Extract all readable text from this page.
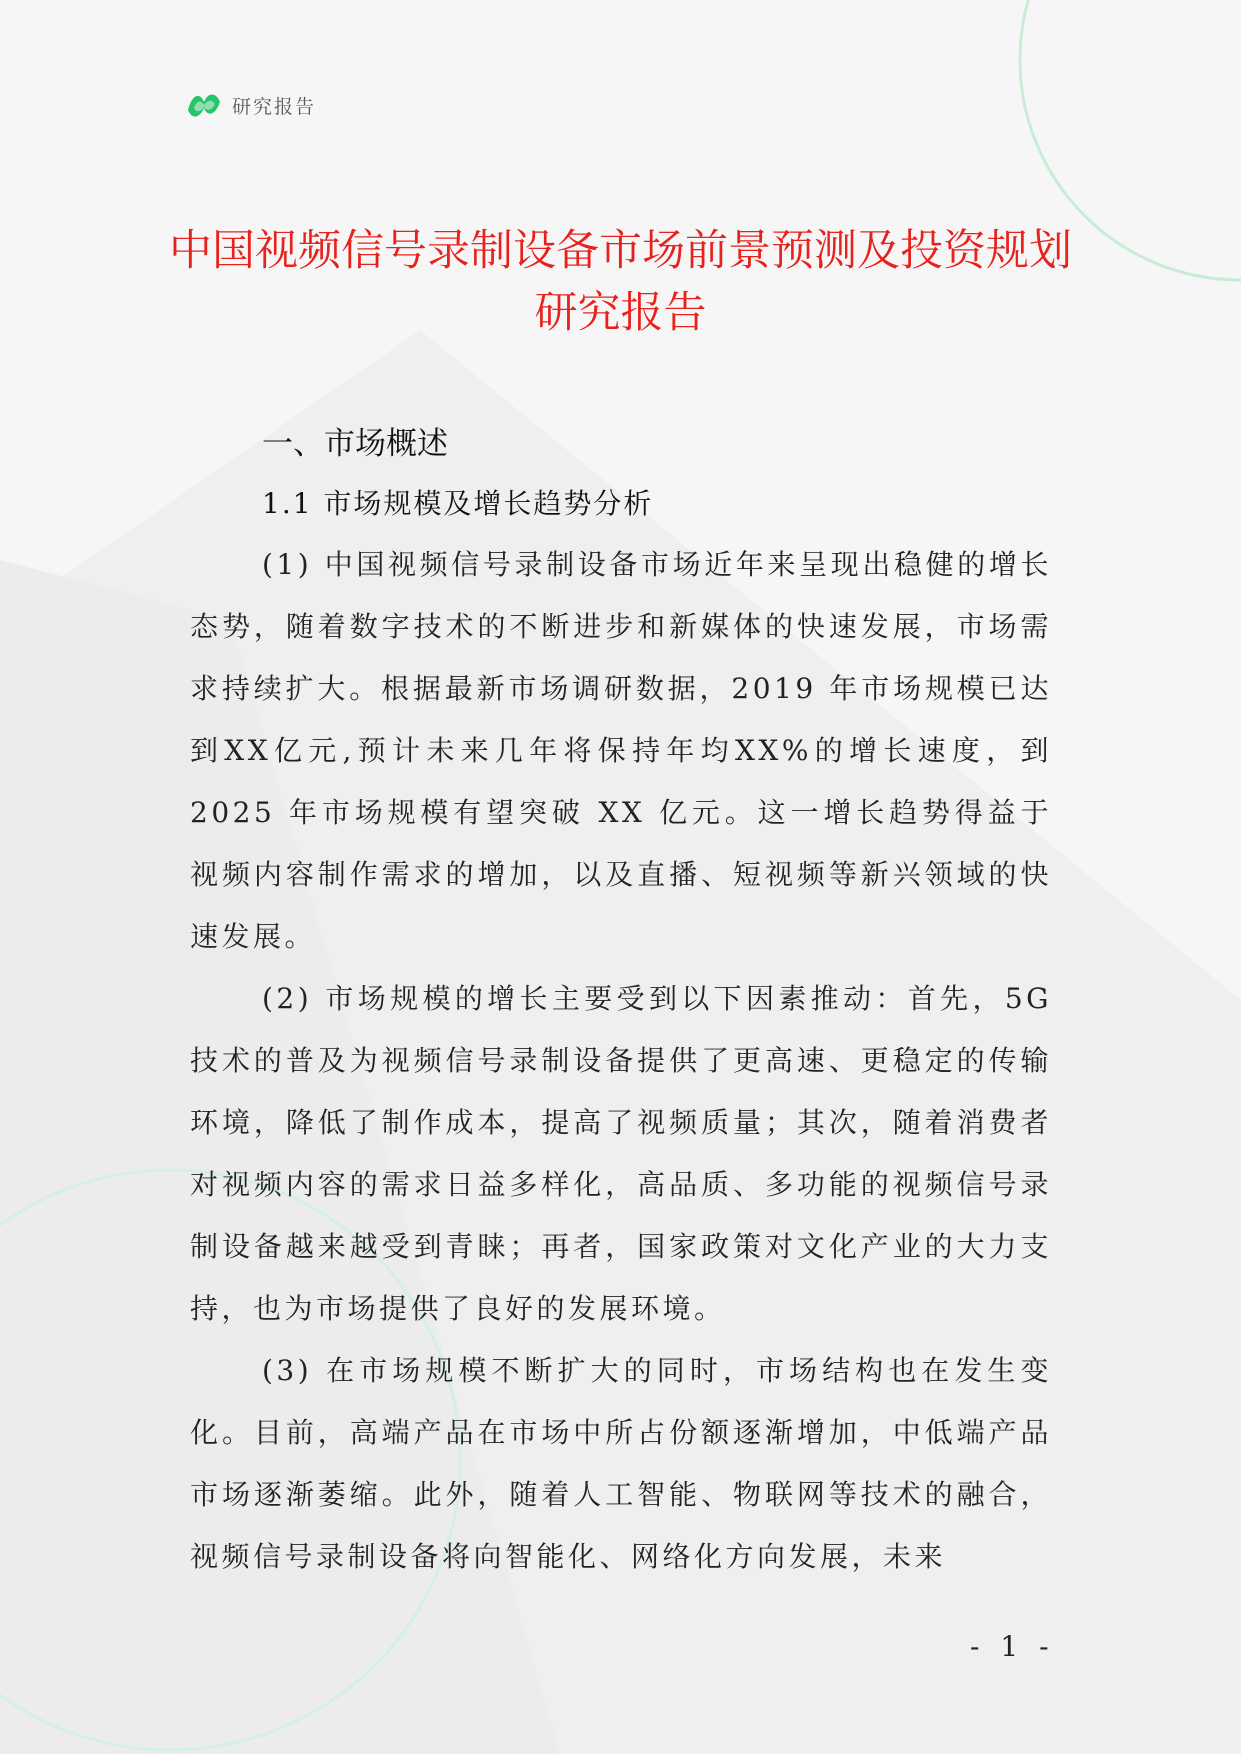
研究报告
中国视频信号录制设备市场前景预测及投资规划研究报告
一、市场概述
1.1 市场规模及增长趋势分析

(1) 中国视频信号录制设备市场近年来呈现出稳健的增长态势，随着数字技术的不断进步和新媒体的快速发展，市场需求持续扩大。根据最新市场调研数据，2019 年市场规模已达到XX亿元,预计未来几年将保持年均XX%的增长速度，到 2025 年市场规模有望突破 XX 亿元。这一增长趋势得益于视频内容制作需求的增加，以及直播、短视频等新兴领域的快速发展。

(2) 市场规模的增长主要受到以下因素推动：首先，5G技术的普及为视频信号录制设备提供了更高速、更稳定的传输环境，降低了制作成本，提高了视频质量；其次，随着消费者对视频内容的需求日益多样化，高品质、多功能的视频信号录制设备越来越受到青睐；再者，国家政策对文化产业的大力支持，也为市场提供了良好的发展环境。

(3) 在市场规模不断扩大的同时，市场结构也在发生变化。目前，高端产品在市场中所占份额逐渐增加，中低端产品市场逐渐萎缩。此外，随着人工智能、物联网等技术的融合，视频信号录制设备将向智能化、网络化方向发展，未来

- 1 -
